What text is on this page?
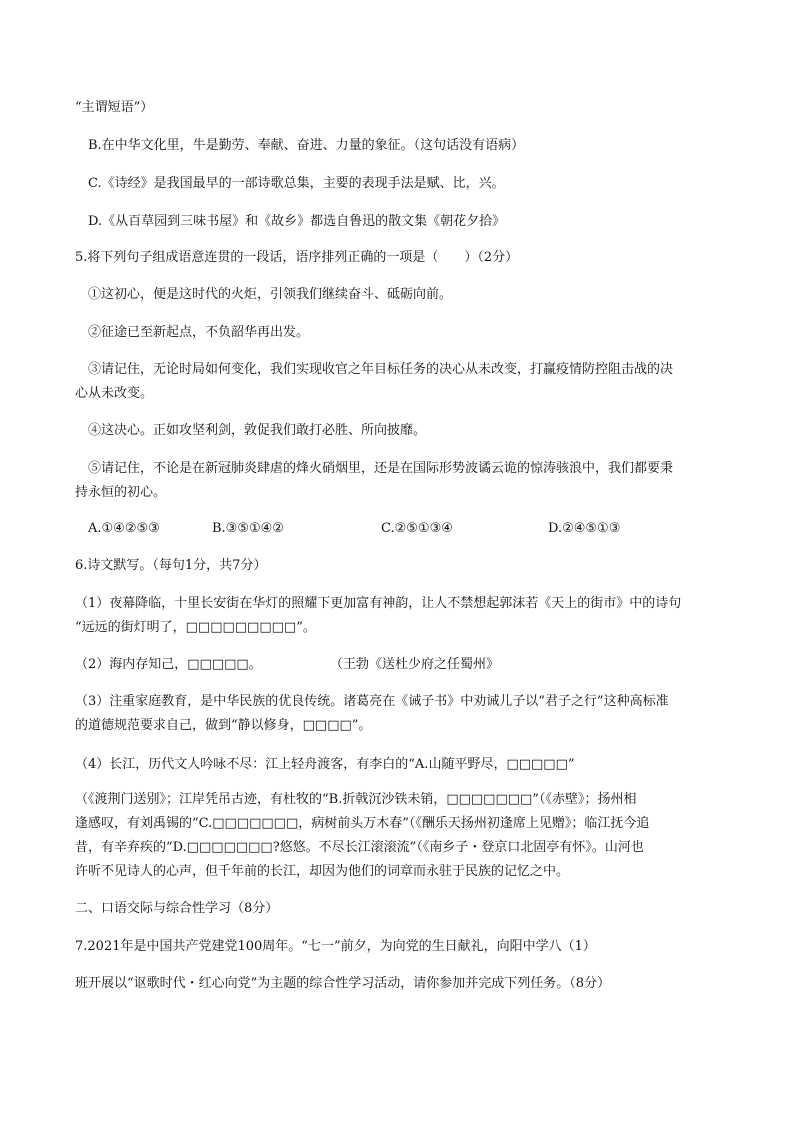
“主谓短语”）
B.在中华文化里，牛是勤劳、奉献、奋进、力量的象征。（这句话没有语病）
C.《诗经》是我国最早的一部诗歌总集，主要的表现手法是赋、比，兴。
D.《从百草园到三味书屋》和《故乡》都选自鲁迅的散文集《朝花夕拾》
5.将下列句子组成语意连贯的一段话，语序排列正确的一项是（　　）（2分）
①这初心，便是这时代的火炬，引领我们继续奋斗、砥砺向前。
②征途已至新起点，不负韶华再出发。
③请记住，无论时局如何变化，我们实现收官之年目标任务的决心从未改变，打赢疫情防控阻击战的决
心从未改变。
④这决心。正如攻坚利剑，敦促我们敢打必胜、所向披靡。
⑤请记住，不论是在新冠肺炎肆虐的烽火硝烟里，还是在国际形势波谲云诡的惊涛骇浪中，我们都要秉
持永恒的初心。
A.①④②⑤③	B.③⑤①④②	C.②⑤①③④	D.②④⑤①③
6.诗文默写。（每句1分，共7分）
（1）夜幕降临，十里长安街在华灯的照耀下更加富有神韵，让人不禁想起郭沫若《天上的街市》中的诗句
“远远的街灯明了，□□□□□□□□□”。
（2）海内存知己，□□□□□。	（王勃《送杜少府之任蜀州》
（3）注重家庭教育，是中华民族的优良传统。诸葛亮在《诫子书》中劝诫儿子以“君子之行”这种高标准
的道德规范要求自己，做到“静以修身，□□□□”。
（4）长江，历代文人吟咏不尽：江上轻舟渡客，有李白的“A.山随平野尽，□□□□□”
（《渡荆门送别》；江岸凭吊古迹，有杜牧的“B.折戟沉沙铁未销，□□□□□□□”（《赤壁》；扬州相
逢感叹，有刘禹锡的“C.□□□□□□□，病树前头万木春”（《酬乐天扬州初逢席上见赠》；临江抚今追
昔，有辛弃疾的“D.□□□□□□□?悠悠。不尽长江滚滚流”（《南乡子・登京口北固亭有怀》。山河也
许听不见诗人的心声，但千年前的长江，却因为他们的词章而永驻于民族的记忆之中。
二、口语交际与综合性学习（8分）
7.2021年是中国共产党建党100周年。“七一”前夕，为向党的生日献礼，向阳中学八（1）
班开展以“讴歌时代・红心向党”为主题的综合性学习活动，请你参加并完成下列任务。（8分）
